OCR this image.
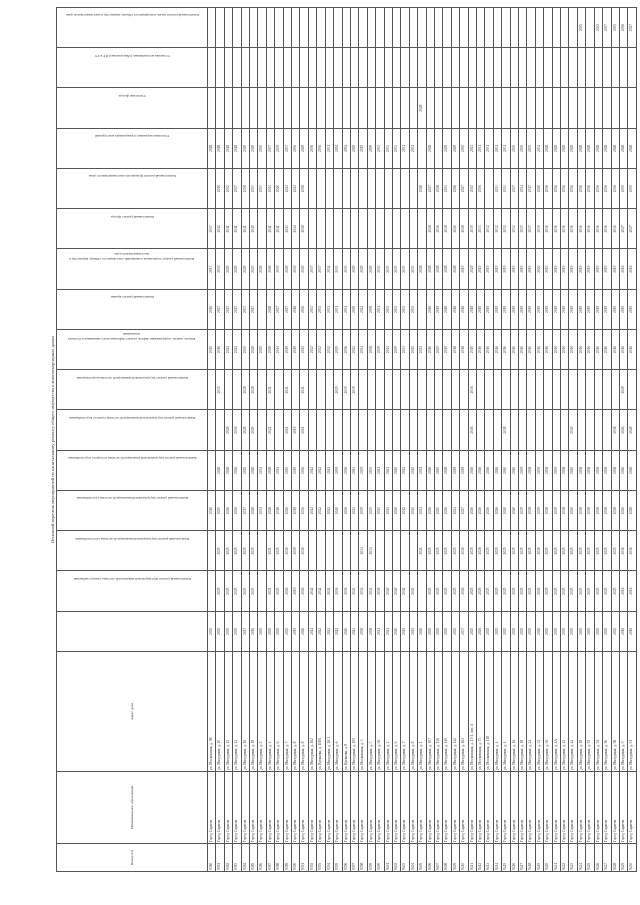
Основной перечень мероприятий по капитальному ремонту общего имущества в многоквартирных домах																		
Номер п/п	Муниципальное образование	Адрес дома	Капитальный ремонт внутридомовой инженерной системы электроснабжения	Капитальный ремонт внутридомовой инженерной системы теплоснабжения	Капитальный ремонт внутридомовой инженерной системы газоснабжения	Капитальный ремонт внутридомовой инженерной системы холодного водоснабжения	Капитальный ремонт внутридомовой инженерной системы горячего водоснабжения	Капитальный ремонт внутридомовой инженерной системы водоотведения	Ремонт, замена, модернизация лифтов, ремонт лифтовых шахт, машинных и блочных помещений	Капитальный ремонт крыши	Капитальный ремонт подвальных помещений, относящихся к общему имуществу в многоквартирном доме	Капитальный ремонт фасада	Капитальный ремонт фундамента многоквартирного дома	Утепление наружных ограждающих конструкций	Утепление фасада	Установка коллективных (общедомовых) ПУ и УУ	Капитальный ремонт крыш, находящихся в общему имуществу в многоквартирном доме	
9380	Город Саратов	ул. Московская, д. 98	2025			2016				2015	2016	2017	2017		2018			
9381	Город Саратов	ул. Мичурина, д. 10	2025	2025	2025	2025	2028		2035	2016	2027	2030	2042	2019	2018			
9382	Город Саратов	ул. Мичурина, д. 12	2025	2025	2025	2026	2028	2028		2024	2027	2029	2041	2032	2018			
9383	Город Саратов	ул. Мичурина, д. 14	2025	2025	2025	2036	2026	2036		2024	2027	2029	2041	2037	2018			
9384	Город Саратов	ул. Мичурина, д. 16	2017	2025	2025	2017	2025	2028	2028	2030	2037	2029	2041	2038	2029			
9385	Город Саратов	ул. Мичурина, д. 18	2016	2025	2025	2028	2028	2029	2028	2028	2017	2027	2040	2037	2029			
9386	Город Саратов	ул. Мичурина, д. 2	2025			2034	2034			2025		2026		2037	2030			
9387	Город Саратов	ул. Мичурина, д. 4	2025	2021	2021	2028	2028	2021	2021	2028	2028	2026	2041	2041	2037			
9388	Город Саратов	ул. Мичурина, д. 6	2025	2025	2025	2018	2014			2014	2027	2030	2041	2040	2039			
9389	Город Саратов	ул. Мичурина, д. 7	2025	2026	2026	2026	2025	2021	2021	2019	2027	2029	2043	2041	2037			
9390	Город Саратов	ул. Мичурина, д. 8	2019	2019	2019	2019	2019	2019		2019	2018	2030	2044	2041	2036			
9391	Город Саратов	ул. Мичурина, д. 8	2026	2026	2026	2036	2036	2021	2021	2021	2036	2020	2018	2038	2029			
9392	Город Саратов	ул. Мичурина, д. 162	2042	2042		2042	2042			2032	2033	2037			2036			
9393	Город Саратов	ул. Кутякова, д. 118А	2042	2042		2042	2042			2032	2033	2037			2036			
9394	Город Саратов	ул. Мичурина, д. 26/1	2042	2042		2042	2042			2032	2033	2034			2031			
9395	Город Саратов	ул. Мичурина, д. 6	2042	2036		2040	2039		2025	2025	2031	2033			2054			
9396	Город Саратов	ул. Кутякова, д. 8	2040	2036		2036	2036		2035	2036	2031	2033			2054			
9397	Город Саратов	ул. Мичурина, д. 100	2043	2043		2043	2043		2039	2032	2029	2029			2029			
9398	Город Саратов	ул. Московская, д. 3	2038	2034	2034	2039	2039			2034	2024	2029			2019			
9399	Город Саратов	ул. Мичурина, д. 3	2038	2034	2034	2035	2035			2038	2039	2029			2059			
9400	Город Саратов	ул. Мичурина, д. 36	2041	2036		2041	2041			2039	2031	2033			2033			
9401	Город Саратов	ул. Мичурина, д. 4	2041	2040		2041	2041			2041	2033	2033			2033			
9402	Город Саратов	ул. Мичурина, д. 6	2040	2040		2040	2040			2039	2033	2033			2033			
9403	Город Саратов	ул. Мичурина, д. 7	2045	2042		2042	2042			2031	2033	2033			2031			
9404	Город Саратов	ул. Мичурина, д. 8	2045	2045		2045	2045			2045	2033	2033			2031			
9405	Город Саратов	ул. Мичурина, д. 1	2026		2021	2024	2024			2024		2028		2028		2028		
9406	Город Саратов	ул. Мичурина, д. 107	2025	2025	2025	2026	2026			2016	2016	2028	2028	2027	2028			
9407	Город Саратов	ул. Мичурина, д. 136	2025	2025	2025	2025	2025			2025	2019	2028	2026	2028				
9408	Город Саратов	ул. Мичурина, д. 140	2025	2025	2025	2026	2028			2019	2018	2028	2038	2031	2029			
9409	Город Саратов	ул. Мичурина, д. 142	2025	2025	2025	2024	2029			2018	2018	2028	2026	2026	2029			
9410	Город Саратов	ул. Мичурина, д. 162	2037	2026	2026	2027	2029			2018	2018	2019	2028	2027	2030			
9411	Город Саратов	ул. Московская, д. 15/1, лит. А	2025	2025	2025	2026	2026	2026	2036	2015	2018	2020	2030	2041	2023			
9412	Город Саратов	ул. Московская, д. 73	2026	2026	2026	2026	2026			2016	2019	2019	2033	2036	2031			
9413	Город Саратов	ул. Московская, д. 118	2025	2025	2025	2026	2026			2016	2019	2019	2032		2031			
9414	Город Саратов	ул. Мичурина, д. 4	2025	2025	2025	2026	2026			2016	2019	2019	2032	2033	2031			
9415	Город Саратов	ул. Мичурина, д. 4	2025	2025	2025	2040	2040	2038		2016	2019	2019	2032	2033	2031			
9416	Город Саратов	ул. Мичурина, д. 16	2025	2025	2025	2040	2040			2016	2019	2019	2032	2037	2030			
9417	Город Саратов	ул. Мичурина, д. 18	2025	2025	2025	2039	2039			2016	2019	2019	2037	2034	2030			
9418	Город Саратов	ул. Мичурина, д. 24	2025	2025	2025	2038	2038			2016	2019	2019	2037	2017	2035			
9419	Город Саратов	ул. Мичурина, д. 32	2026	2026	2026	2039	2039			2016	2019	2020	2030	2020	2034			
9420	Город Саратов	ул. Мичурина, д. 36	2025	2025	2025	2038	2038			2016	2019	2019	2036	2036	2028			
9421	Город Саратов	ул. Мичурина, д. 4А	2025	2025	2025	2039	2039			2016	2019	2019	2036	2036	2028			
9422	Город Саратов	ул. Мичурина, д. 42	2025	2025	2025	2038	2038			2016	2019	2019	2036	2036	2028			
9423	Город Саратов	ул. Мичурина, д. 44	2025	2025	2025	2040	2040	2040		2016	2019	2019	2036	2036	2028			
9424	Город Саратов	ул. Мичурина, д. 48	2025	2025	2025	2038	2038			2016	2019	2019	2036	2036	2028			2035
9425	Город Саратов	ул. Мичурина, д. 52	2025	2025	2025	2038	2038			2016	2019	2019	2036	2036	2028			
9426	Город Саратов	ул. Мичурина, д. 54	2025	2025	2025	2038	2038			2016	2019	2019	2036	2036	2028			2032
9427	Город Саратов	ул. Мичурина, д. 56	2025	2025	2025	2038	2038			2016	2019	2019	2036	2036	2028			2037
9428	Город Саратов	ул. Мичурина, д. 58	2025	2025	2025	2038	2038	2038		2016	2019	2019	2036	2036	2028			2035
9429	Город Саратов	ул. Мичурина, д. 9	2016	2016	2016	2026	2026	2026	2029	2016	2019	2016	2027	2035	2028			2036
9430	Город Саратов	ул. Мичурина, д. 91	2016	2016	2016	2028	2028	2028		2016	2019	2016	2027	2035	2028			2027
